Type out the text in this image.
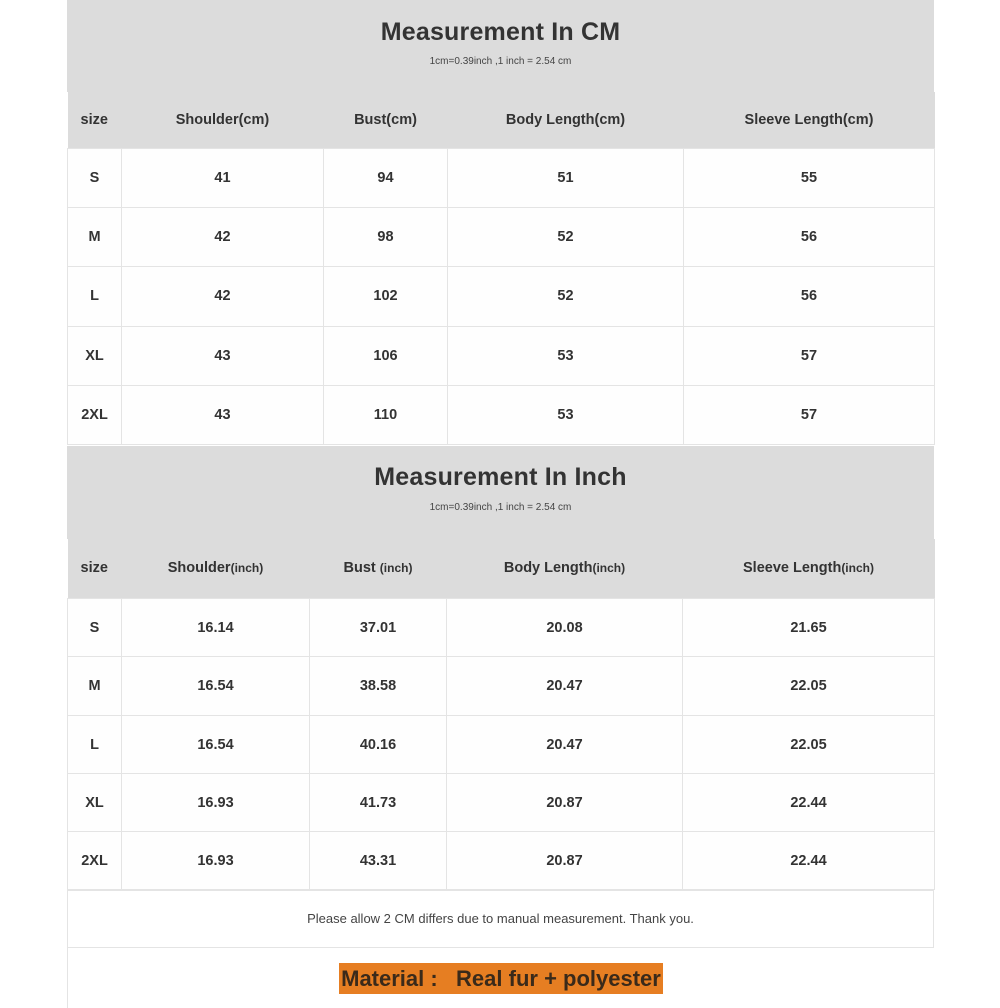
Measurement In CM
1cm=0.39inch ,1 inch = 2.54 cm
size	Shoulder(cm)	Bust(cm)	Body Length(cm)	Sleeve Length(cm)
S	41	94	51	55
M	42	98	52	56
L	42	102	52	56
XL	43	106	53	57
2XL	43	110	53	57
Measurement In Inch
1cm=0.39inch ,1 inch = 2.54 cm
size	Shoulder(inch)	Bust (inch)	Body Length(inch)	Sleeve Length(inch)
S	16.14	37.01	20.08	21.65
M	16.54	38.58	20.47	22.05
L	16.54	40.16	20.47	22.05
XL	16.93	41.73	20.87	22.44
2XL	16.93	43.31	20.87	22.44
Please allow 2 CM differs due to manual measurement. Thank you.
Material :   Real fur + polyester
